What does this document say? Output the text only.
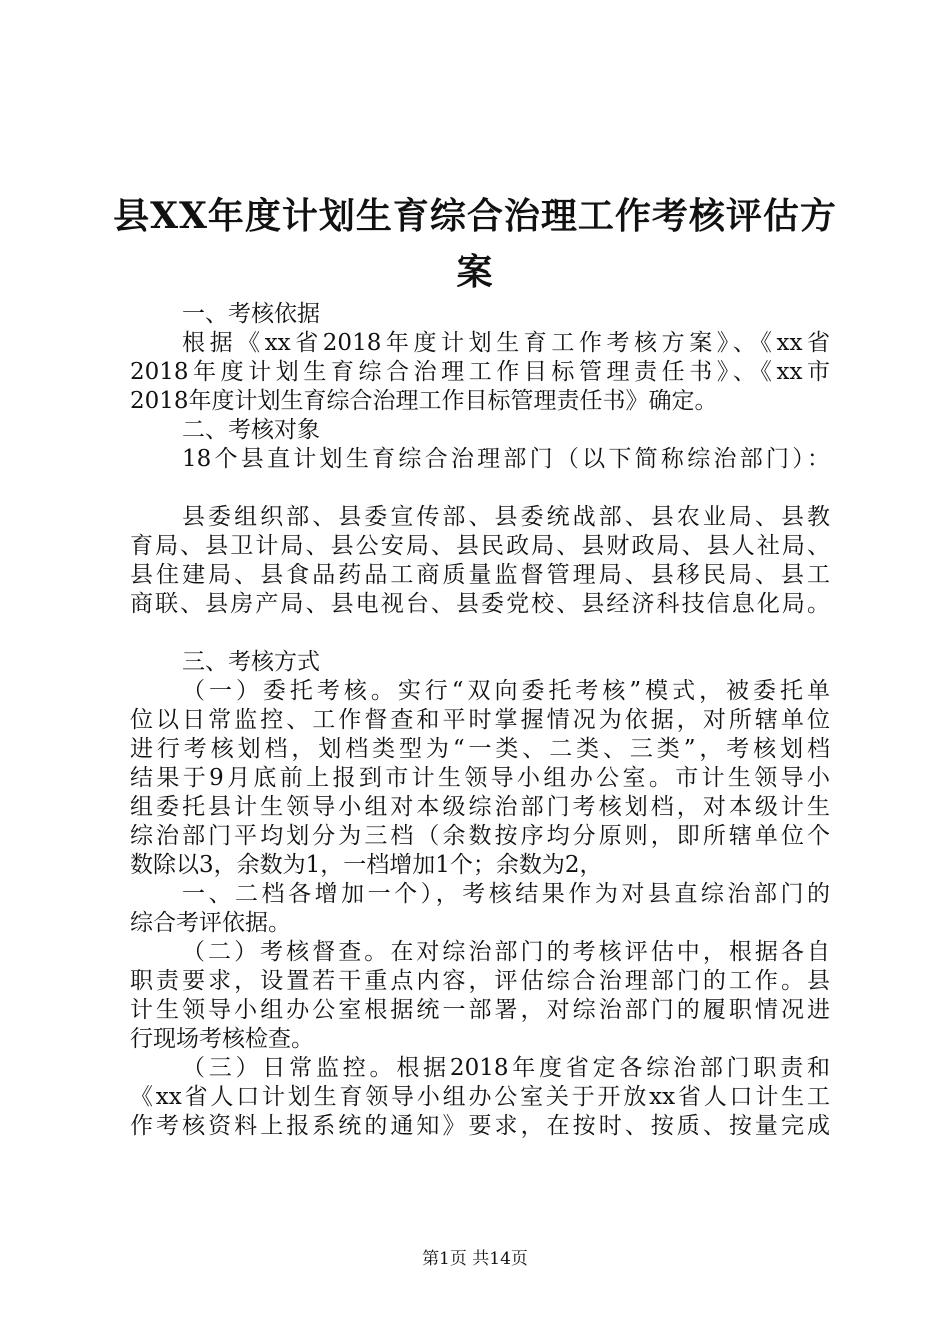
县XX年度计划生育综合治理工作考核评估方
案

一、考核依据

根据《xx省2018年度计划生育工作考核方案》、《xx省

2018年度计划生育综合治理工作目标管理责任书》、《xx市

2018年度计划生育综合治理工作目标管理责任书》确定。

二、考核对象

18个县直计划生育综合治理部门（以下简称综治部门）：

县委组织部、县委宣传部、县委统战部、县农业局、县教

育局、县卫计局、县公安局、县民政局、县财政局、县人社局、

县住建局、县食品药品工商质量监督管理局、县移民局、县工

商联、县房产局、县电视台、县委党校、县经济科技信息化局。

三、考核方式

（一）委托考核。实行“双向委托考核”模式，被委托单

位以日常监控、工作督查和平时掌握情况为依据，对所辖单位

进行考核划档，划档类型为“一类、二类、三类”，考核划档

结果于9月底前上报到市计生领导小组办公室。市计生领导小

组委托县计生领导小组对本级综治部门考核划档，对本级计生

综治部门平均划分为三档（余数按序均分原则，即所辖单位个

数除以3，余数为1，一档增加1个；余数为2，

一、二档各增加一个），考核结果作为对县直综治部门的

综合考评依据。

（二）考核督查。在对综治部门的考核评估中，根据各自

职责要求，设置若干重点内容，评估综合治理部门的工作。县

计生领导小组办公室根据统一部署，对综治部门的履职情况进

行现场考核检查。

（三）日常监控。根据2018年度省定各综治部门职责和

《xx省人口计划生育领导小组办公室关于开放xx省人口计生工

作考核资料上报系统的通知》要求，在按时、按质、按量完成

第1页 共14页
